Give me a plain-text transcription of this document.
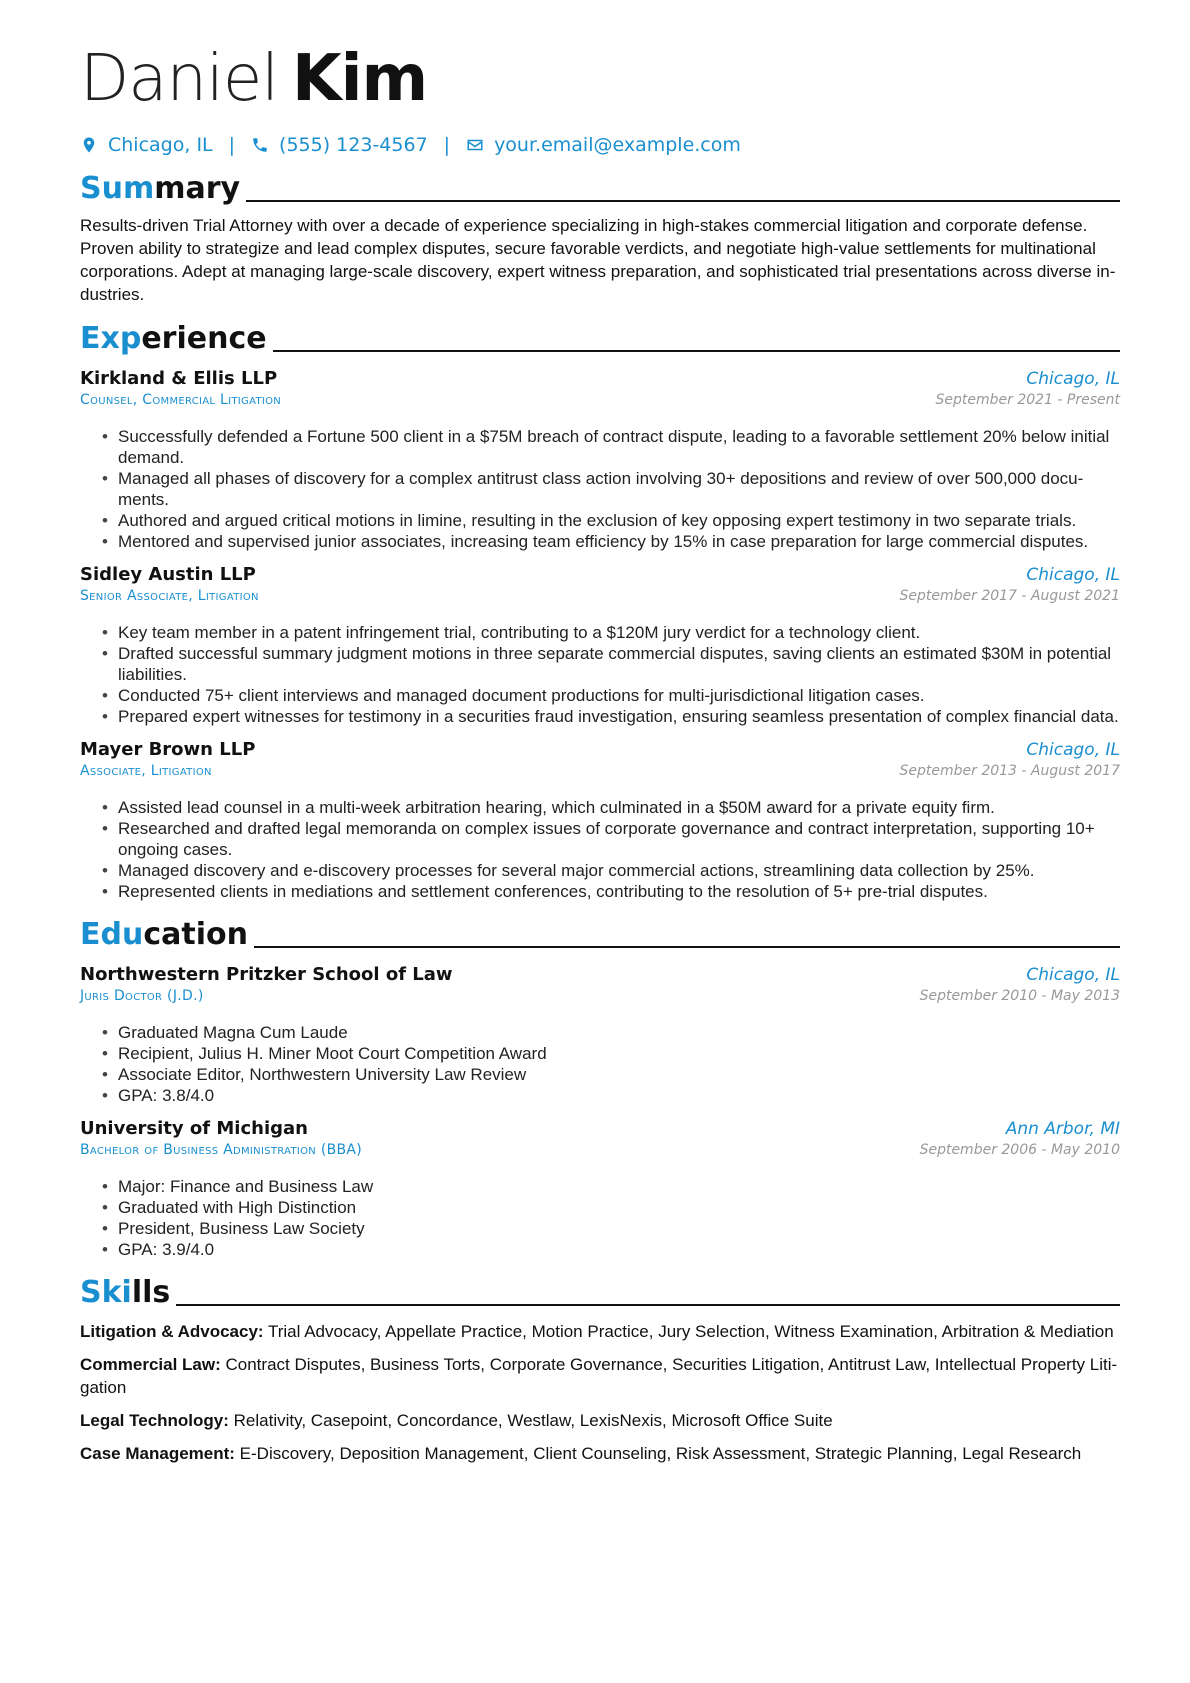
Daniel Kim
Chicago, IL | (555) 123-4567 | your.email@example.com
Summary
Results-driven Trial Attorney with over a decade of experience specializing in high-stakes commercial litigation and corporate defense. Proven ability to strategize and lead complex disputes, secure favorable verdicts, and negotiate high-value settlements for multinational corporations. Adept at managing large-scale discovery, expert witness preparation, and sophisticated trial presentations across diverse industries.
Experience
Kirkland & Ellis LLP	Chicago, IL
Counsel, Commercial Litigation	September 2021 - Present
• Successfully defended a Fortune 500 client in a $75M breach of contract dispute, leading to a favorable settlement 20% below initial demand.
• Managed all phases of discovery for a complex antitrust class action involving 30+ depositions and review of over 500,000 documents.
• Authored and argued critical motions in limine, resulting in the exclusion of key opposing expert testimony in two separate trials.
• Mentored and supervised junior associates, increasing team efficiency by 15% in case preparation for large commercial disputes.
Sidley Austin LLP	Chicago, IL
Senior Associate, Litigation	September 2017 - August 2021
• Key team member in a patent infringement trial, contributing to a $120M jury verdict for a technology client.
• Drafted successful summary judgment motions in three separate commercial disputes, saving clients an estimated $30M in potential liabilities.
• Conducted 75+ client interviews and managed document productions for multi-jurisdictional litigation cases.
• Prepared expert witnesses for testimony in a securities fraud investigation, ensuring seamless presentation of complex financial data.
Mayer Brown LLP	Chicago, IL
Associate, Litigation	September 2013 - August 2017
• Assisted lead counsel in a multi-week arbitration hearing, which culminated in a $50M award for a private equity firm.
• Researched and drafted legal memoranda on complex issues of corporate governance and contract interpretation, supporting 10+ ongoing cases.
• Managed discovery and e-discovery processes for several major commercial actions, streamlining data collection by 25%.
• Represented clients in mediations and settlement conferences, contributing to the resolution of 5+ pre-trial disputes.
Education
Northwestern Pritzker School of Law	Chicago, IL
Juris Doctor (J.D.)	September 2010 - May 2013
• Graduated Magna Cum Laude
• Recipient, Julius H. Miner Moot Court Competition Award
• Associate Editor, Northwestern University Law Review
• GPA: 3.8/4.0
University of Michigan	Ann Arbor, MI
Bachelor of Business Administration (BBA)	September 2006 - May 2010
• Major: Finance and Business Law
• Graduated with High Distinction
• President, Business Law Society
• GPA: 3.9/4.0
Skills
Litigation & Advocacy: Trial Advocacy, Appellate Practice, Motion Practice, Jury Selection, Witness Examination, Arbitration & Mediation
Commercial Law: Contract Disputes, Business Torts, Corporate Governance, Securities Litigation, Antitrust Law, Intellectual Property Litigation
Legal Technology: Relativity, Casepoint, Concordance, Westlaw, LexisNexis, Microsoft Office Suite
Case Management: E-Discovery, Deposition Management, Client Counseling, Risk Assessment, Strategic Planning, Legal Research
